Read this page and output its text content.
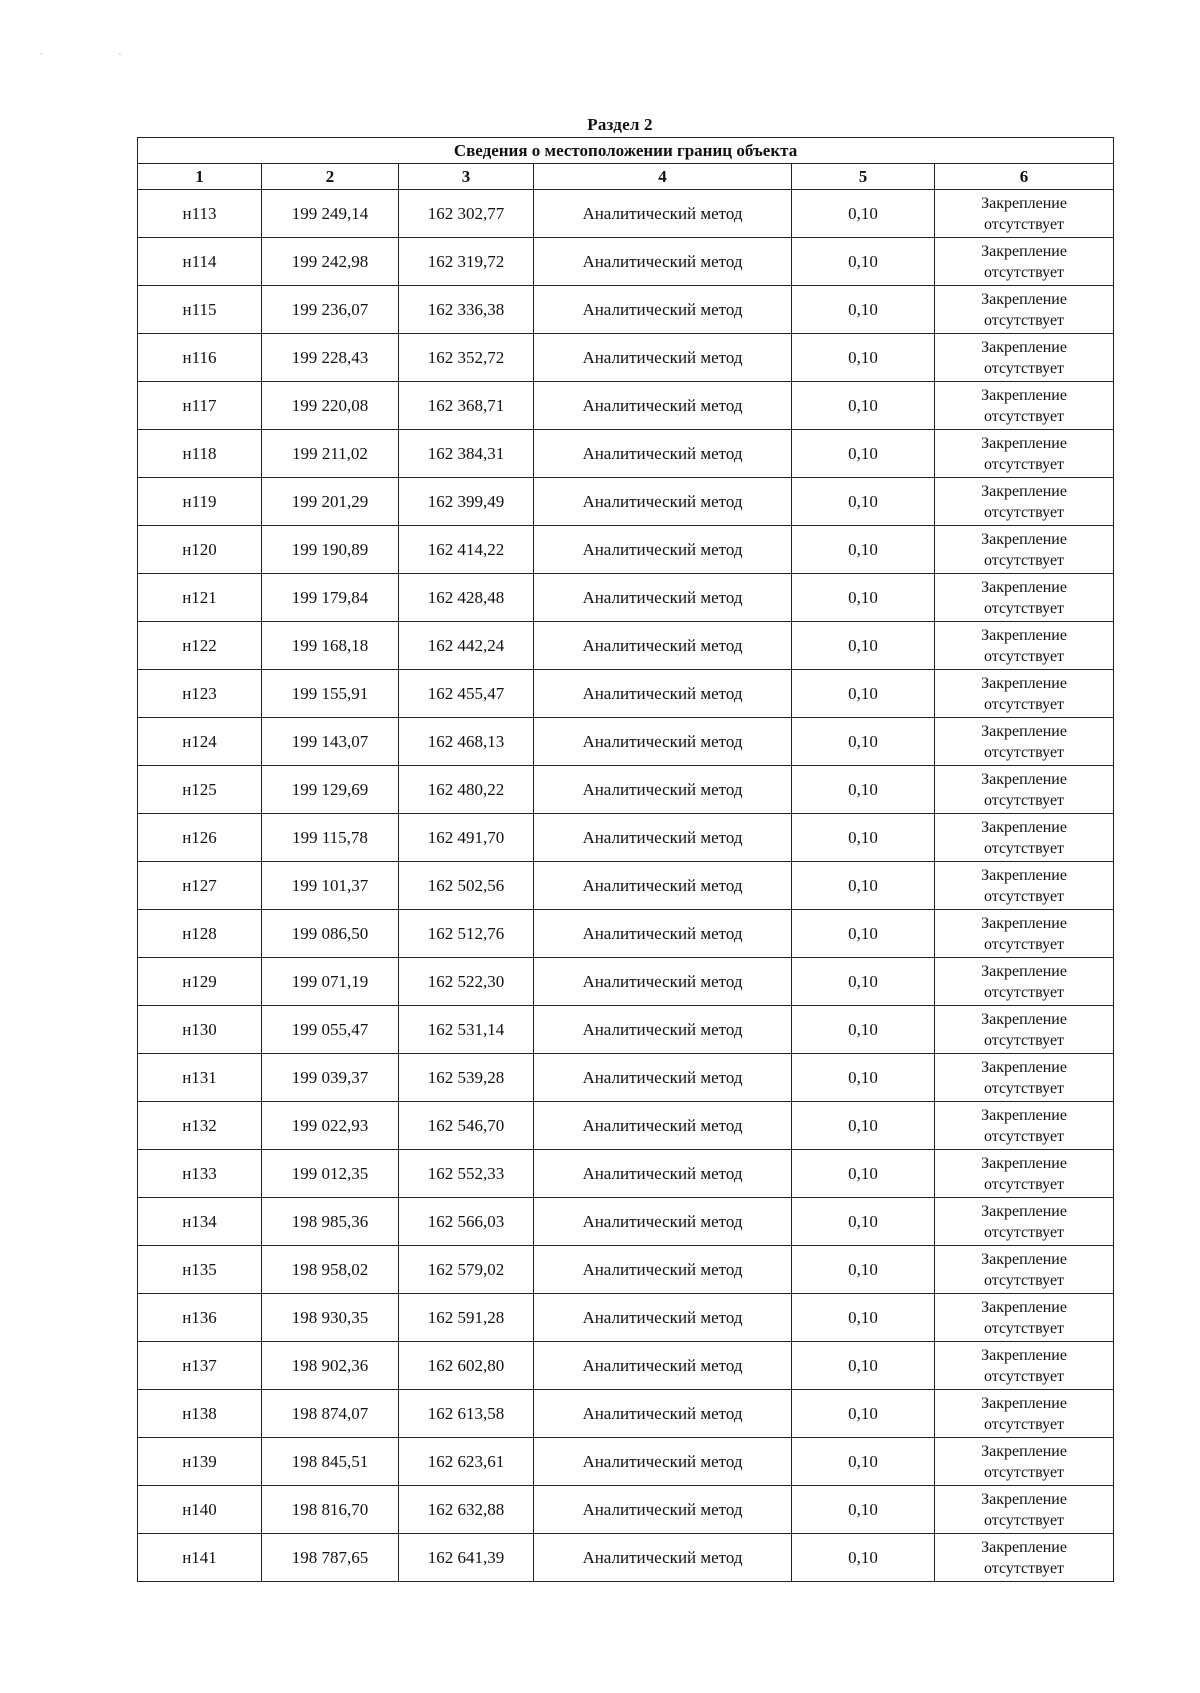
·                                      ·
Раздел 2
Сведения о местоположении границ объекта					
1	2	3	4	5	6
н113	199 249,14	162 302,77	Аналитический метод	0,10	Закрепление
отсутствует

н114	199 242,98	162 319,72	Аналитический метод	0,10	Закрепление
отсутствует

н115	199 236,07	162 336,38	Аналитический метод	0,10	Закрепление
отсутствует

н116	199 228,43	162 352,72	Аналитический метод	0,10	Закрепление
отсутствует

н117	199 220,08	162 368,71	Аналитический метод	0,10	Закрепление
отсутствует

н118	199 211,02	162 384,31	Аналитический метод	0,10	Закрепление
отсутствует

н119	199 201,29	162 399,49	Аналитический метод	0,10	Закрепление
отсутствует

н120	199 190,89	162 414,22	Аналитический метод	0,10	Закрепление
отсутствует

н121	199 179,84	162 428,48	Аналитический метод	0,10	Закрепление
отсутствует

н122	199 168,18	162 442,24	Аналитический метод	0,10	Закрепление
отсутствует

н123	199 155,91	162 455,47	Аналитический метод	0,10	Закрепление
отсутствует

н124	199 143,07	162 468,13	Аналитический метод	0,10	Закрепление
отсутствует

н125	199 129,69	162 480,22	Аналитический метод	0,10	Закрепление
отсутствует

н126	199 115,78	162 491,70	Аналитический метод	0,10	Закрепление
отсутствует

н127	199 101,37	162 502,56	Аналитический метод	0,10	Закрепление
отсутствует

н128	199 086,50	162 512,76	Аналитический метод	0,10	Закрепление
отсутствует

н129	199 071,19	162 522,30	Аналитический метод	0,10	Закрепление
отсутствует

н130	199 055,47	162 531,14	Аналитический метод	0,10	Закрепление
отсутствует

н131	199 039,37	162 539,28	Аналитический метод	0,10	Закрепление
отсутствует

н132	199 022,93	162 546,70	Аналитический метод	0,10	Закрепление
отсутствует

н133	199 012,35	162 552,33	Аналитический метод	0,10	Закрепление
отсутствует

н134	198 985,36	162 566,03	Аналитический метод	0,10	Закрепление
отсутствует

н135	198 958,02	162 579,02	Аналитический метод	0,10	Закрепление
отсутствует

н136	198 930,35	162 591,28	Аналитический метод	0,10	Закрепление
отсутствует

н137	198 902,36	162 602,80	Аналитический метод	0,10	Закрепление
отсутствует

н138	198 874,07	162 613,58	Аналитический метод	0,10	Закрепление
отсутствует

н139	198 845,51	162 623,61	Аналитический метод	0,10	Закрепление
отсутствует

н140	198 816,70	162 632,88	Аналитический метод	0,10	Закрепление
отсутствует

н141	198 787,65	162 641,39	Аналитический метод	0,10	Закрепление
отсутствует
